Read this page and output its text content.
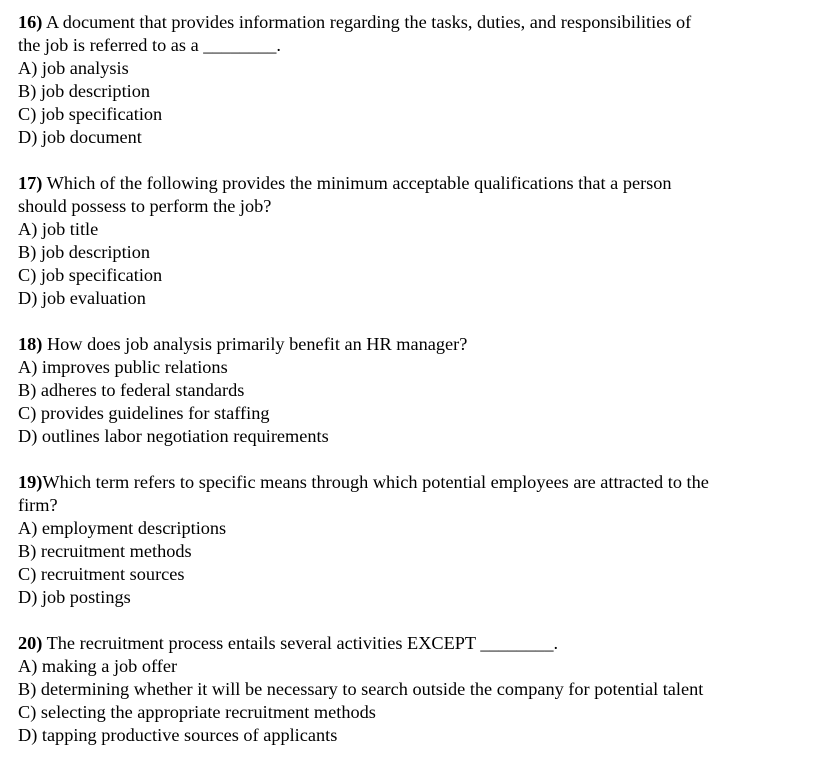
16) A document that provides information regarding the tasks, duties, and responsibilities of
the job is referred to as a ________.
A) job analysis
B) job description
C) job specification
D) job document
17) Which of the following provides the minimum acceptable qualifications that a person
should possess to perform the job?
A) job title
B) job description
C) job specification
D) job evaluation
18) How does job analysis primarily benefit an HR manager?
A) improves public relations
B) adheres to federal standards
C) provides guidelines for staffing
D) outlines labor negotiation requirements
19)Which term refers to specific means through which potential employees are attracted to the
firm?
A) employment descriptions
B) recruitment methods
C) recruitment sources
D) job postings
20) The recruitment process entails several activities EXCEPT ________.
A) making a job offer
B) determining whether it will be necessary to search outside the company for potential talent
C) selecting the appropriate recruitment methods
D) tapping productive sources of applicants
